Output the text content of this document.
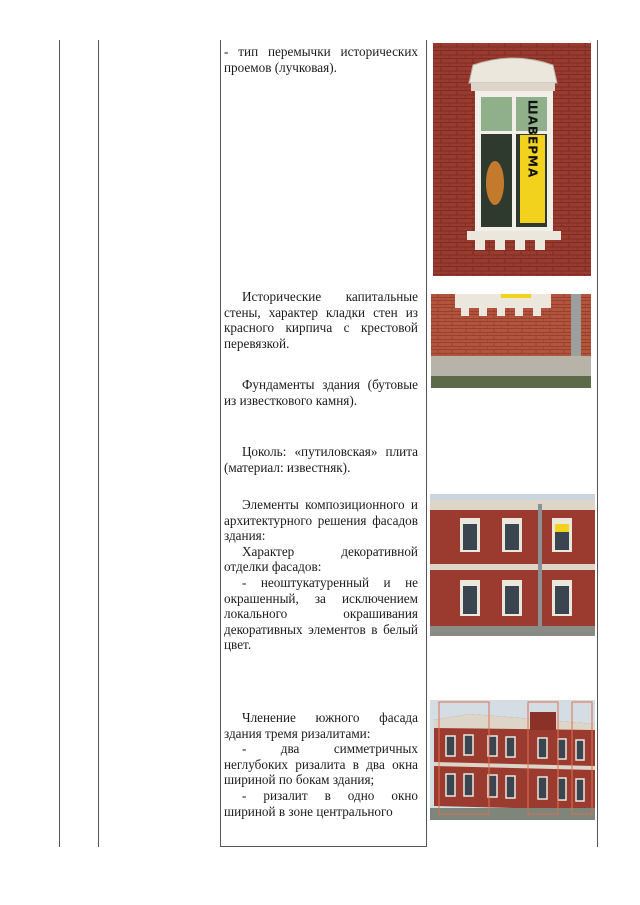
- тип перемычки исторических проемов (лучковая).

Исторические капитальные стены, характер кладки стен из красного кирпича с крестовой перевязкой.

Фундаменты здания (бутовые из известкового камня).

Цоколь: «путиловская» плита (материал: известняк).

Элементы композиционного и архитектурного решения фасадов здания:

Характер декоративной отделки фасадов:

- неоштукатуренный и не окрашенный, за исключением локального окрашивания декоративных элементов в белый цвет.

Членение южного фасада здания тремя ризалитами:

- два симметричных неглубоких ризалита в два окна шириной по бокам здания;

- ризалит в одно окно шириной в зоне центрального

ШАВЕРМА
